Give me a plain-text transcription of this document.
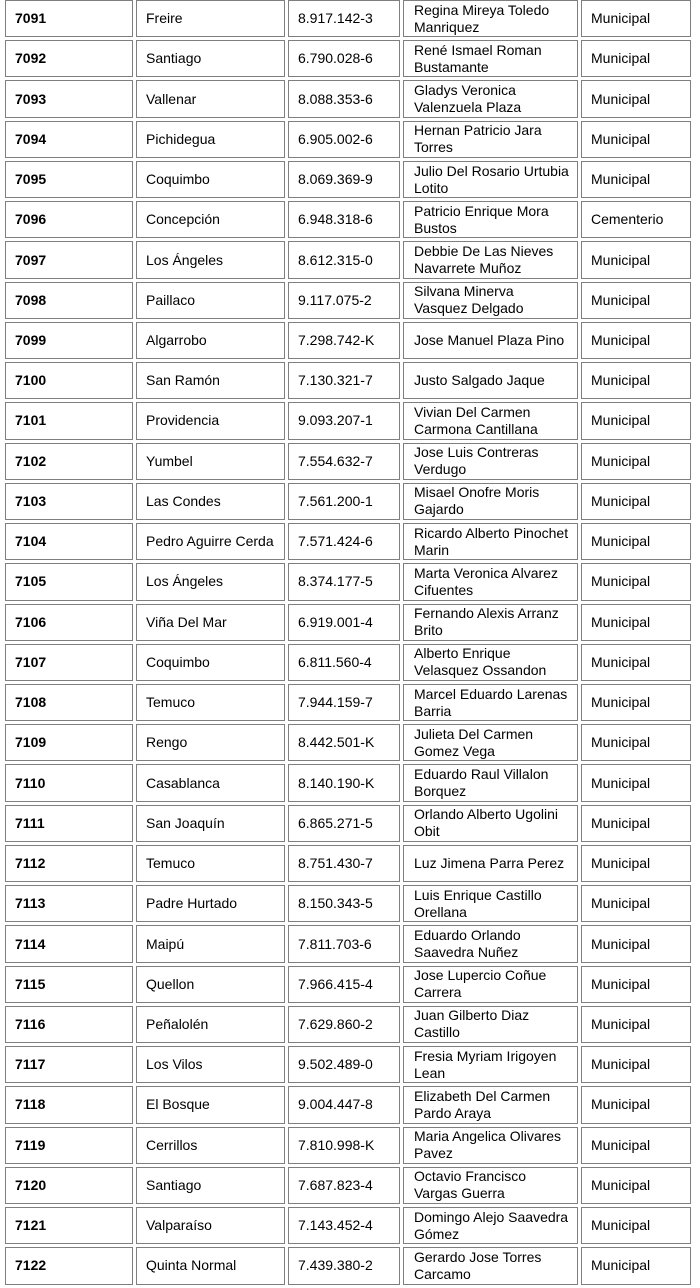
7091	Freire	8.917.142-3	Regina Mireya Toledo Manriquez	Municipal
7092	Santiago	6.790.028-6	René Ismael Roman Bustamante	Municipal
7093	Vallenar	8.088.353-6	Gladys Veronica Valenzuela Plaza	Municipal
7094	Pichidegua	6.905.002-6	Hernan Patricio Jara Torres	Municipal
7095	Coquimbo	8.069.369-9	Julio Del Rosario Urtubia Lotito	Municipal
7096	Concepción	6.948.318-6	Patricio Enrique Mora Bustos	Cementerio
7097	Los Ángeles	8.612.315-0	Debbie De Las Nieves Navarrete Muñoz	Municipal
7098	Paillaco	9.117.075-2	Silvana Minerva Vasquez Delgado	Municipal
7099	Algarrobo	7.298.742-K	Jose Manuel Plaza Pino	Municipal
7100	San Ramón	7.130.321-7	Justo Salgado Jaque	Municipal
7101	Providencia	9.093.207-1	Vivian Del Carmen Carmona Cantillana	Municipal
7102	Yumbel	7.554.632-7	Jose Luis Contreras Verdugo	Municipal
7103	Las Condes	7.561.200-1	Misael Onofre Moris Gajardo	Municipal
7104	Pedro Aguirre Cerda	7.571.424-6	Ricardo Alberto Pinochet Marin	Municipal
7105	Los Ángeles	8.374.177-5	Marta Veronica Alvarez Cifuentes	Municipal
7106	Viña Del Mar	6.919.001-4	Fernando Alexis Arranz Brito	Municipal
7107	Coquimbo	6.811.560-4	Alberto Enrique Velasquez Ossandon	Municipal
7108	Temuco	7.944.159-7	Marcel Eduardo Larenas Barria	Municipal
7109	Rengo	8.442.501-K	Julieta Del Carmen Gomez Vega	Municipal
7110	Casablanca	8.140.190-K	Eduardo Raul Villalon Borquez	Municipal
7111	San Joaquín	6.865.271-5	Orlando Alberto Ugolini Obit	Municipal
7112	Temuco	8.751.430-7	Luz Jimena Parra Perez	Municipal
7113	Padre Hurtado	8.150.343-5	Luis Enrique Castillo Orellana	Municipal
7114	Maipú	7.811.703-6	Eduardo Orlando Saavedra Nuñez	Municipal
7115	Quellon	7.966.415-4	Jose Lupercio Coñue Carrera	Municipal
7116	Peñalolén	7.629.860-2	Juan Gilberto Diaz Castillo	Municipal
7117	Los Vilos	9.502.489-0	Fresia Myriam Irigoyen Lean	Municipal
7118	El Bosque	9.004.447-8	Elizabeth Del Carmen Pardo Araya	Municipal
7119	Cerrillos	7.810.998-K	Maria Angelica Olivares Pavez	Municipal
7120	Santiago	7.687.823-4	Octavio Francisco Vargas Guerra	Municipal
7121	Valparaíso	7.143.452-4	Domingo Alejo Saavedra Gómez	Municipal
7122	Quinta Normal	7.439.380-2	Gerardo Jose Torres Carcamo	Municipal
